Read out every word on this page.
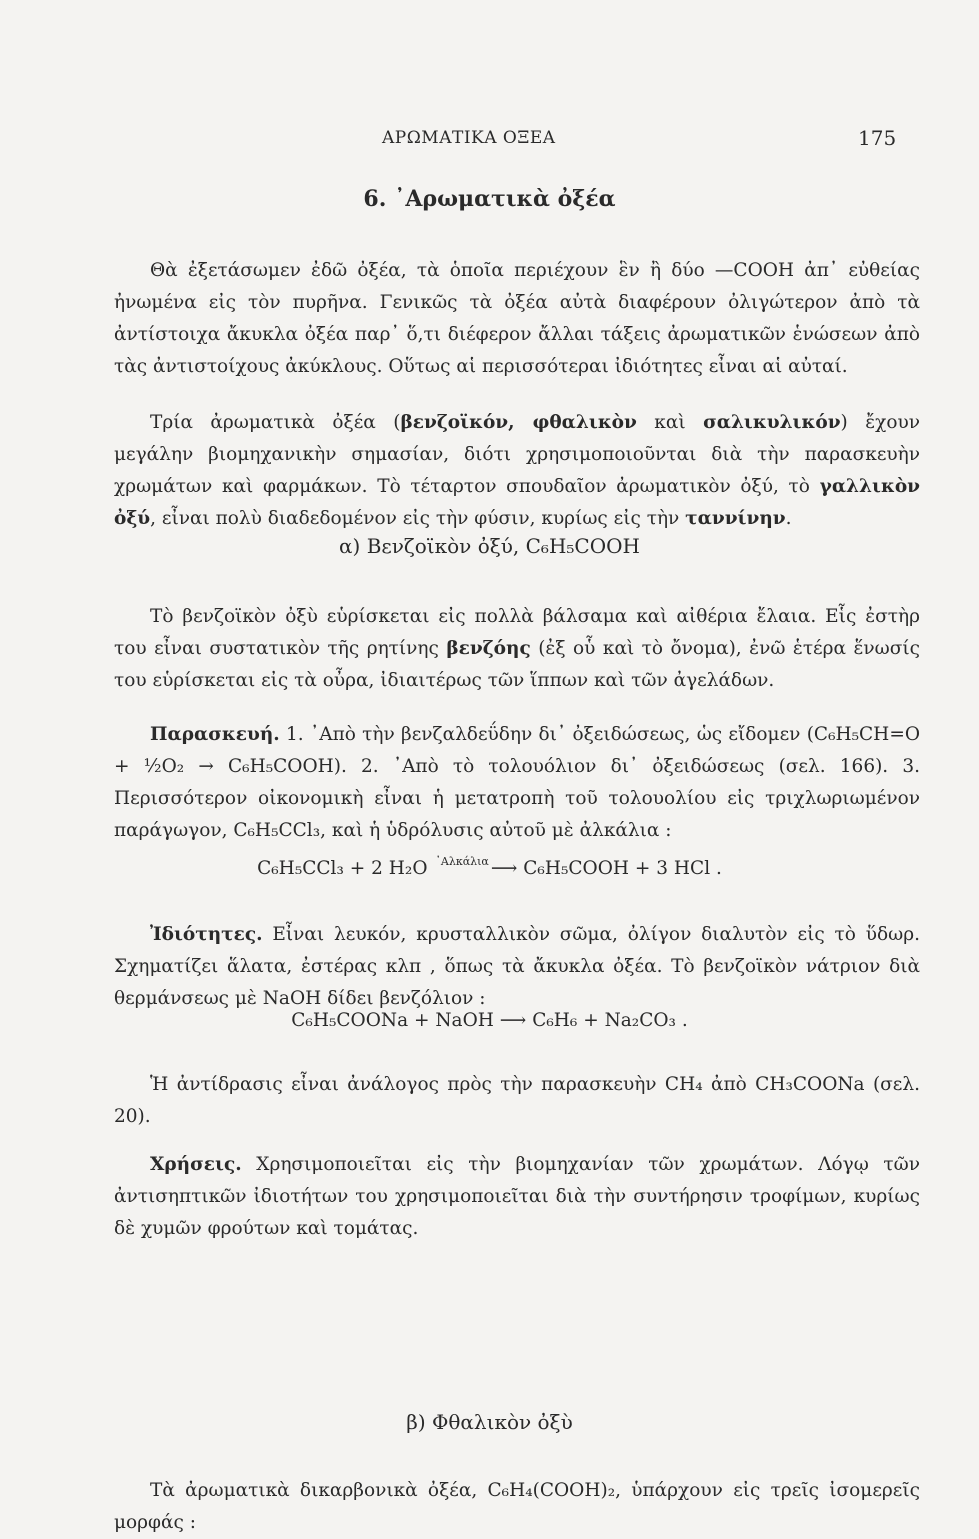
ΑΡΩΜΑΤΙΚΑ ΟΞΕΑ	175
6. ᾿Αρωματικὰ ὀξέα

Θὰ ἐξετάσωμεν ἐδῶ ὀξέα, τὰ ὁποῖα περιέχουν ἓν ἢ δύο —COOH ἀπ᾿ εὐθείας ἠνωμένα εἰς τὸν πυρῆνα. Γενικῶς τὰ ὀξέα αὐτὰ διαφέρουν ὀλιγώτερον ἀπὸ τὰ ἀντίστοιχα ἄκυκλα ὀξέα παρ᾿ ὅ,τι διέφερον ἄλλαι τάξεις ἀρωματικῶν ἑνώσεων ἀπὸ τὰς ἀντιστοίχους ἀκύκλους. Οὕτως αἱ περισσότεραι ἰδιότητες εἶναι αἱ αὐταί.

Τρία ἀρωματικὰ ὀξέα (βενζοϊκόν, φθαλικὸν καὶ σαλικυλικόν) ἔχουν μεγάλην βιομηχανικὴν σημασίαν, διότι χρησιμοποιοῦνται διὰ τὴν παρασκευὴν χρωμάτων καὶ φαρμάκων. Τὸ τέταρτον σπουδαῖον ἀρωματικὸν ὀξύ, τὸ γαλλικὸν ὀξύ, εἶναι πολὺ διαδεδομένον εἰς τὴν φύσιν, κυρίως εἰς τὴν ταννίνην.

α) Βενζοϊκὸν ὀξύ, C₆H₅COOH

Τὸ βενζοϊκὸν ὀξὺ εὑρίσκεται εἰς πολλὰ βάλσαμα καὶ αἰθέρια ἔλαια. Εἷς ἐστὴρ του εἶναι συστατικὸν τῆς ρητίνης βενζόης (ἐξ οὗ καὶ τὸ ὄνομα), ἐνῶ ἑτέρα ἕνωσίς του εὑρίσκεται εἰς τὰ οὖρα, ἰδιαιτέρως τῶν ἵππων καὶ τῶν ἀγελάδων.

Παρασκευή. 1. ᾿Απὸ τὴν βενζαλδεΰδην δι᾿ ὀξειδώσεως, ὡς εἴδομεν (C₆H₅CH=O + ½O₂ → C₆H₅COOH). 2. ᾿Απὸ τὸ τολουόλιον δι᾿ ὀξειδώσεως (σελ. 166). 3. Περισσότερον οἰκονομικὴ εἶναι ἡ μετατροπὴ τοῦ τολουολίου εἰς τριχλωριωμένον παράγωγον, C₆H₅CCl₃, καὶ ἡ ὑδρόλυσις αὐτοῦ μὲ ἀλκάλια :

C₆H₅CCl₃ + 2 H₂O $^{᾿A\lambda\kappa ά\lambda\iota\alpha}$ ⟶ C₆H₅COOH + 3 HCl .

Ἰδιότητες. Εἶναι λευκόν, κρυσταλλικὸν σῶμα, ὀλίγον διαλυτὸν εἰς τὸ ὕδωρ. Σχηματίζει ἅλατα, ἐστέρας κλπ , ὅπως τὰ ἄκυκλα ὀξέα. Τὸ βενζοϊκὸν νάτριον διὰ θερμάνσεως μὲ NaOH δίδει βενζόλιον :

C₆H₅COONa + NaOH ⟶ C₆H₆ + Na₂CO₃ .

Ἡ ἀντίδρασις εἶναι ἀνάλογος πρὸς τὴν παρασκευὴν CH₄ ἀπὸ CH₃COONa (σελ. 20).

Χρήσεις. Χρησιμοποιεῖται εἰς τὴν βιομηχανίαν τῶν χρωμάτων. Λόγῳ τῶν ἀντισηπτικῶν ἰδιοτήτων του χρησιμοποιεῖται διὰ τὴν συντήρησιν τροφίμων, κυρίως δὲ χυμῶν φρούτων καὶ τομάτας.

β) Φθαλικὸν ὀξὺ

Τὰ ἀρωματικὰ δικαρβονικὰ ὀξέα, C₆H₄(COOH)₂, ὑπάρχουν εἰς τρεῖς ἰσομερεῖς μορφάς :
